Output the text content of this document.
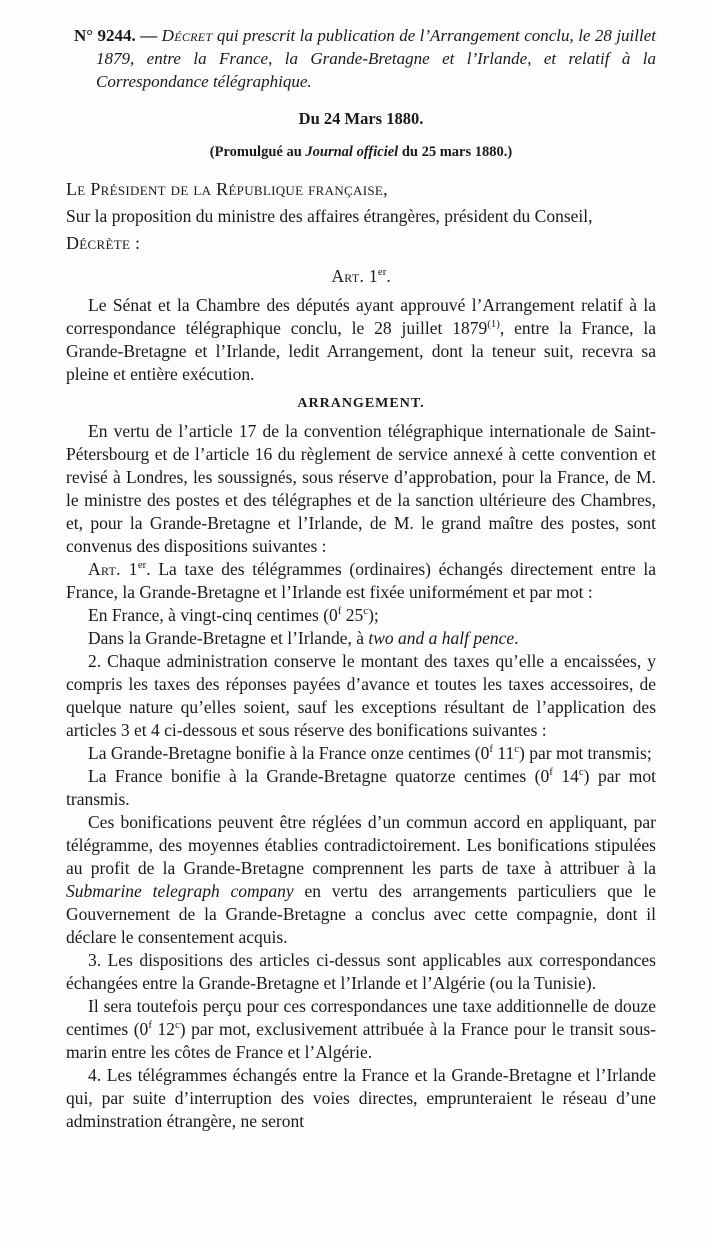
N° 9244. — Décret qui prescrit la publication de l’Arrangement conclu, le 28 juillet 1879, entre la France, la Grande-Bretagne et l’Irlande, et relatif à la Correspondance télégraphique.

Du 24 Mars 1880.

(Promulgué au Journal officiel du 25 mars 1880.)

Le Président de la République française,

Sur la proposition du ministre des affaires étrangères, président du Conseil,

Décrète :

Art. 1er.

Le Sénat et la Chambre des députés ayant approuvé l’Arrangement relatif à la correspondance télégraphique conclu, le 28 juillet 1879$^{(1)}$, entre la France, la Grande-Bretagne et l’Irlande, ledit Arrangement, dont la teneur suit, recevra sa pleine et entière exécution.

ARRANGEMENT.

En vertu de l’article 17 de la convention télégraphique internationale de Saint-Pétersbourg et de l’article 16 du règlement de service annexé à cette convention et revisé à Londres, les soussignés, sous réserve d’approbation, pour la France, de M. le ministre des postes et des télégraphes et de la sanction ultérieure des Chambres, et, pour la Grande-Bretagne et l’Irlande, de M. le grand maître des postes, sont convenus des dispositions suivantes :

Art. 1er. La taxe des télégrammes (ordinaires) échangés directement entre la France, la Grande-Bretagne et l’Irlande est fixée uniformément et par mot :

En France, à vingt-cinq centimes (0$^f$ 25$^c$);

Dans la Grande-Bretagne et l’Irlande, à two and a half pence.

2. Chaque administration conserve le montant des taxes qu’elle a encaissées, y compris les taxes des réponses payées d’avance et toutes les taxes accessoires, de quelque nature qu’elles soient, sauf les exceptions résultant de l’application des articles 3 et 4 ci-dessous et sous réserve des bonifications suivantes :

La Grande-Bretagne bonifie à la France onze centimes (0$^f$ 11$^c$) par mot transmis;

La France bonifie à la Grande-Bretagne quatorze centimes (0$^f$ 14$^c$) par mot transmis.

Ces bonifications peuvent être réglées d’un commun accord en appliquant, par télégramme, des moyennes établies contradictoirement. Les bonifications stipulées au profit de la Grande-Bretagne comprennent les parts de taxe à attribuer à la Submarine telegraph company en vertu des arrangements particuliers que le Gouvernement de la Grande-Bretagne a conclus avec cette compagnie, dont il déclare le consentement acquis.

3. Les dispositions des articles ci-dessus sont applicables aux correspondances échangées entre la Grande-Bretagne et l’Irlande et l’Algérie (ou la Tunisie).

Il sera toutefois perçu pour ces correspondances une taxe additionnelle de douze centimes (0$^f$ 12$^c$) par mot, exclusivement attribuée à la France pour le transit sous-marin entre les côtes de France et l’Algérie.

4. Les télégrammes échangés entre la France et la Grande-Bretagne et l’Irlande qui, par suite d’interruption des voies directes, emprunteraient le réseau d’une adminstration étrangère, ne seront
